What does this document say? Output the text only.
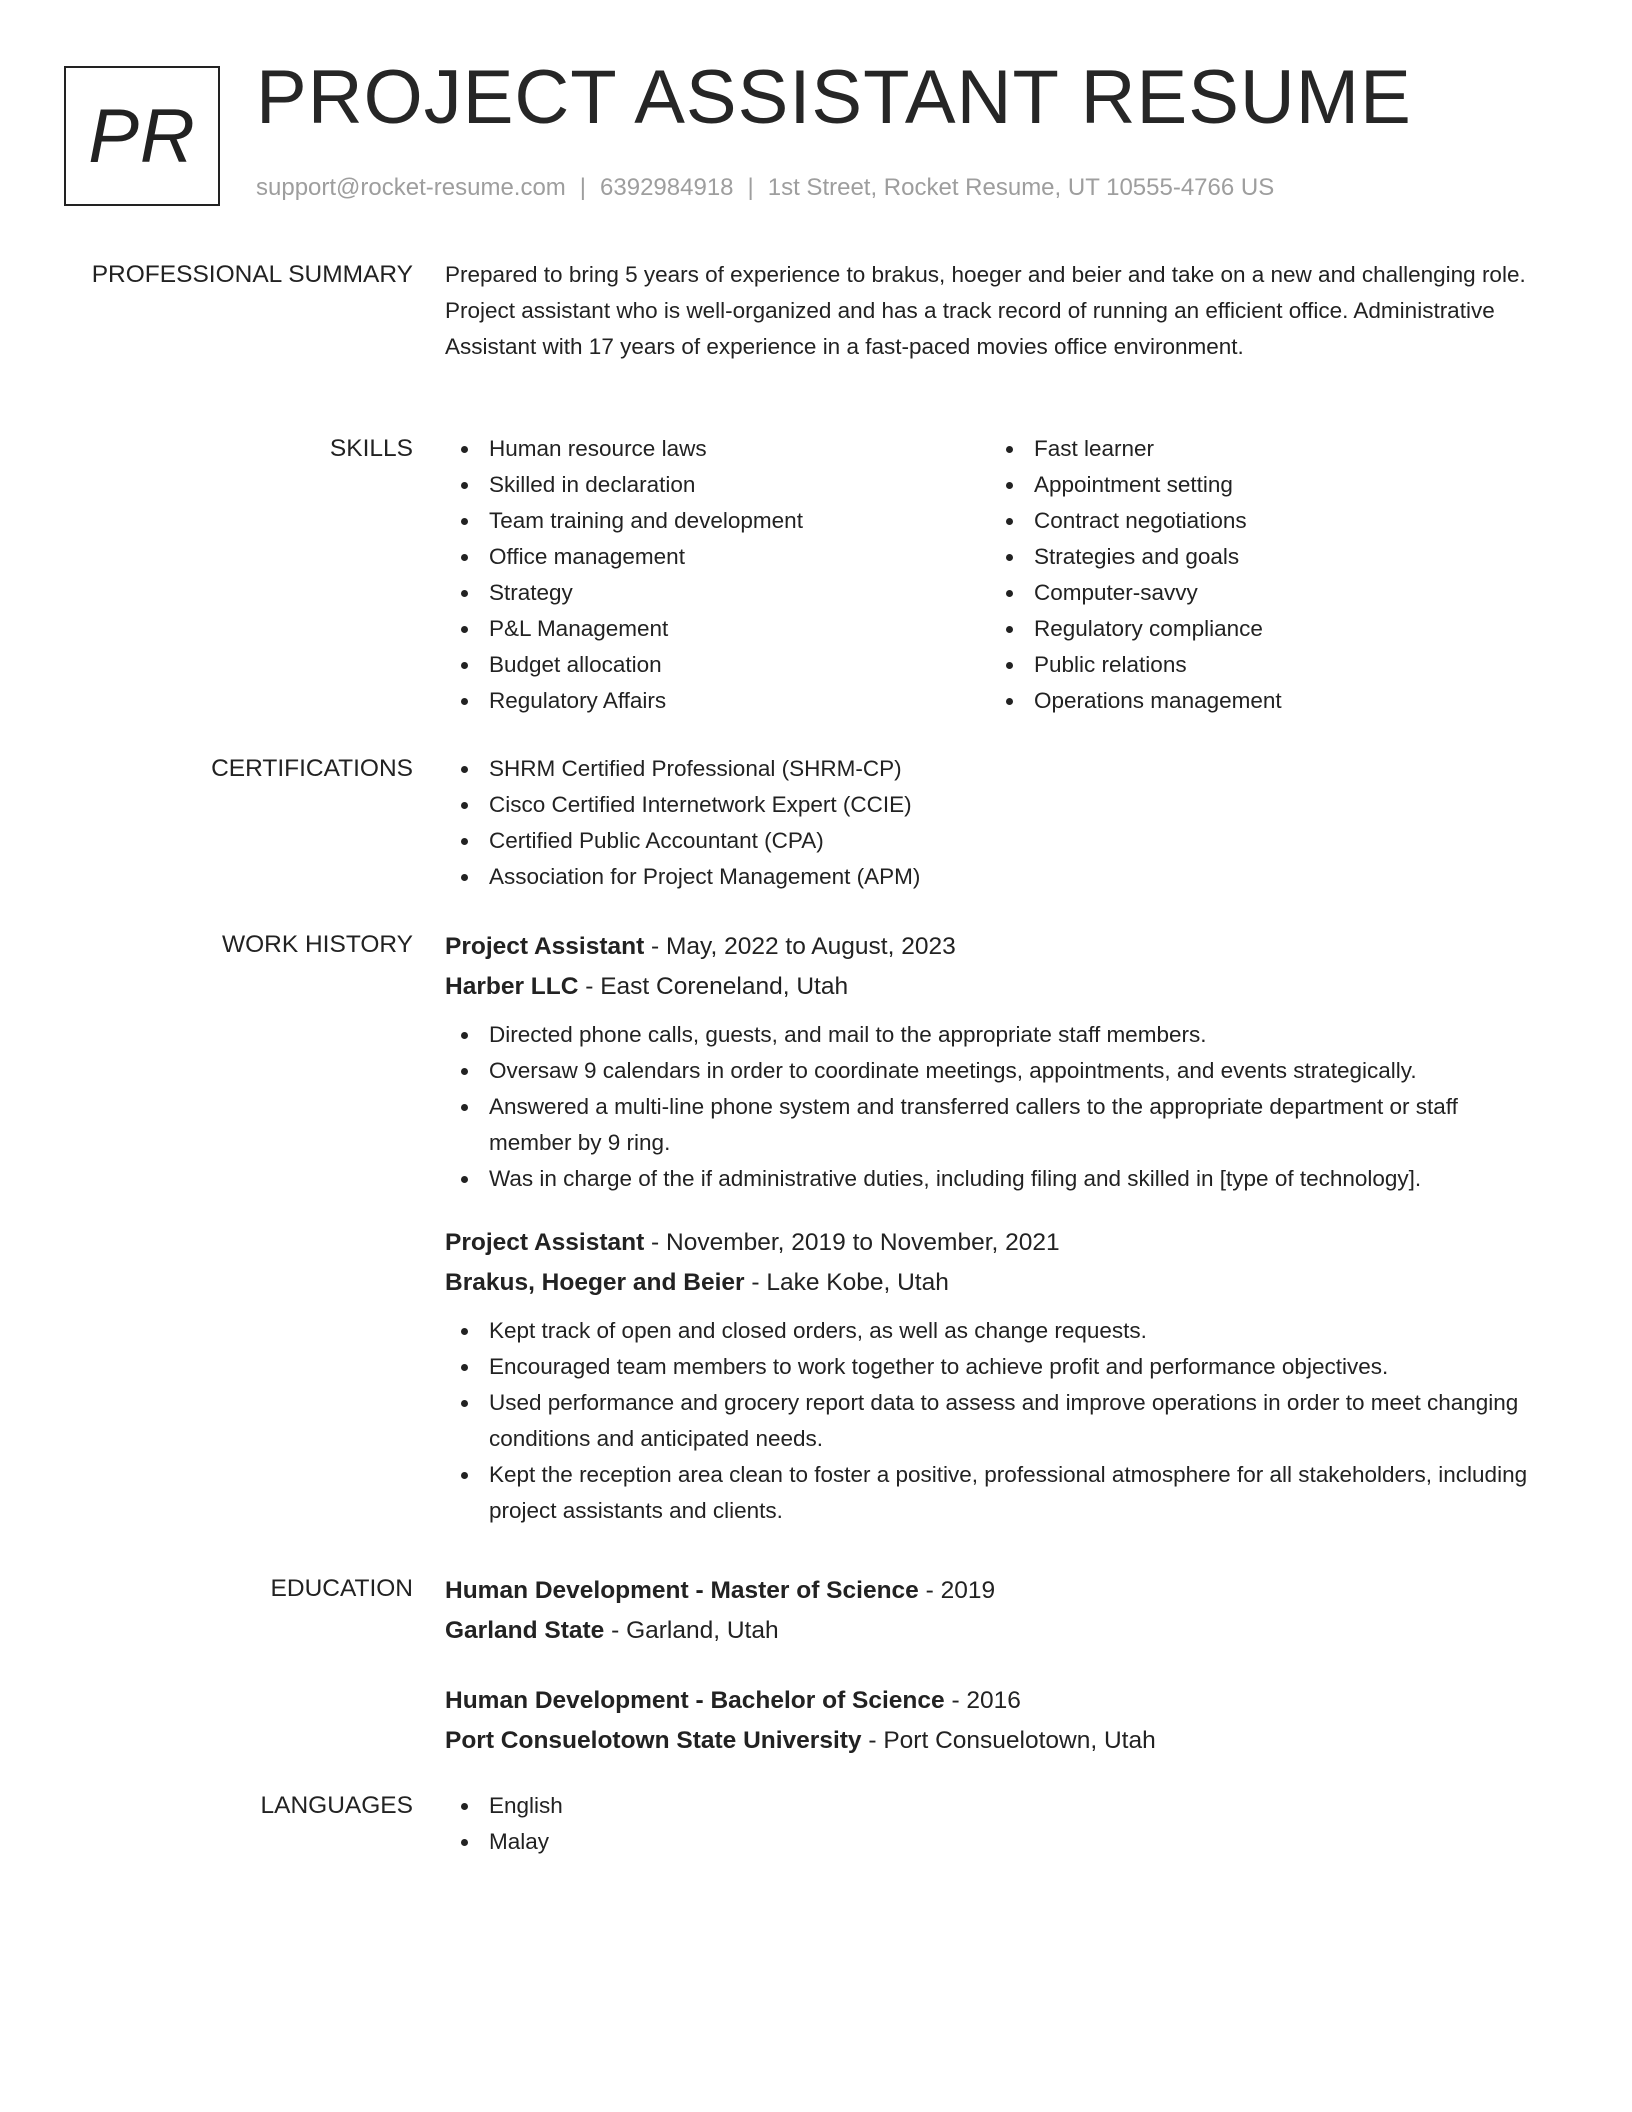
PR PROJECT ASSISTANT RESUME
support@rocket-resume.com | 6392984918 | 1st Street, Rocket Resume, UT 10555-4766 US
PROFESSIONAL SUMMARY Prepared to bring 5 years of experience to brakus, hoeger and beier and take on a new and challenging role. Project assistant who is well-organized and has a track record of running an efficient office. Administrative Assistant with 17 years of experience in a fast-paced movies office environment.
SKILLS	Human resource laws
Skilled in declaration
Team training and development
Office management
Strategy
P&L Management
Budget allocation
Regulatory Affairs
Fast learner
Appointment setting
Contract negotiations
Strategies and goals
Computer-savvy
Regulatory compliance
Public relations
Operations management
CERTIFICATIONS	SHRM Certified Professional (SHRM-CP)
Cisco Certified Internetwork Expert (CCIE)
Certified Public Accountant (CPA)
Association for Project Management (APM)
WORK HISTORY Project Assistant - May, 2022 to August, 2023
Harber LLC - East Coreneland, Utah
Directed phone calls, guests, and mail to the appropriate staff members.
Oversaw 9 calendars in order to coordinate meetings, appointments, and events strategically.
Answered a multi-line phone system and transferred callers to the appropriate department or staff member by 9 ring.
Was in charge of the if administrative duties, including filing and skilled in [type of technology].
Project Assistant - November, 2019 to November, 2021
Brakus, Hoeger and Beier - Lake Kobe, Utah
Kept track of open and closed orders, as well as change requests.
Encouraged team members to work together to achieve profit and performance objectives.
Used performance and grocery report data to assess and improve operations in order to meet changing conditions and anticipated needs.
Kept the reception area clean to foster a positive, professional atmosphere for all stakeholders, including project assistants and clients.
EDUCATION Human Development - Master of Science - 2019
Garland State - Garland, Utah
Human Development - Bachelor of Science - 2016
Port Consuelotown State University - Port Consuelotown, Utah
LANGUAGES	English
Malay
